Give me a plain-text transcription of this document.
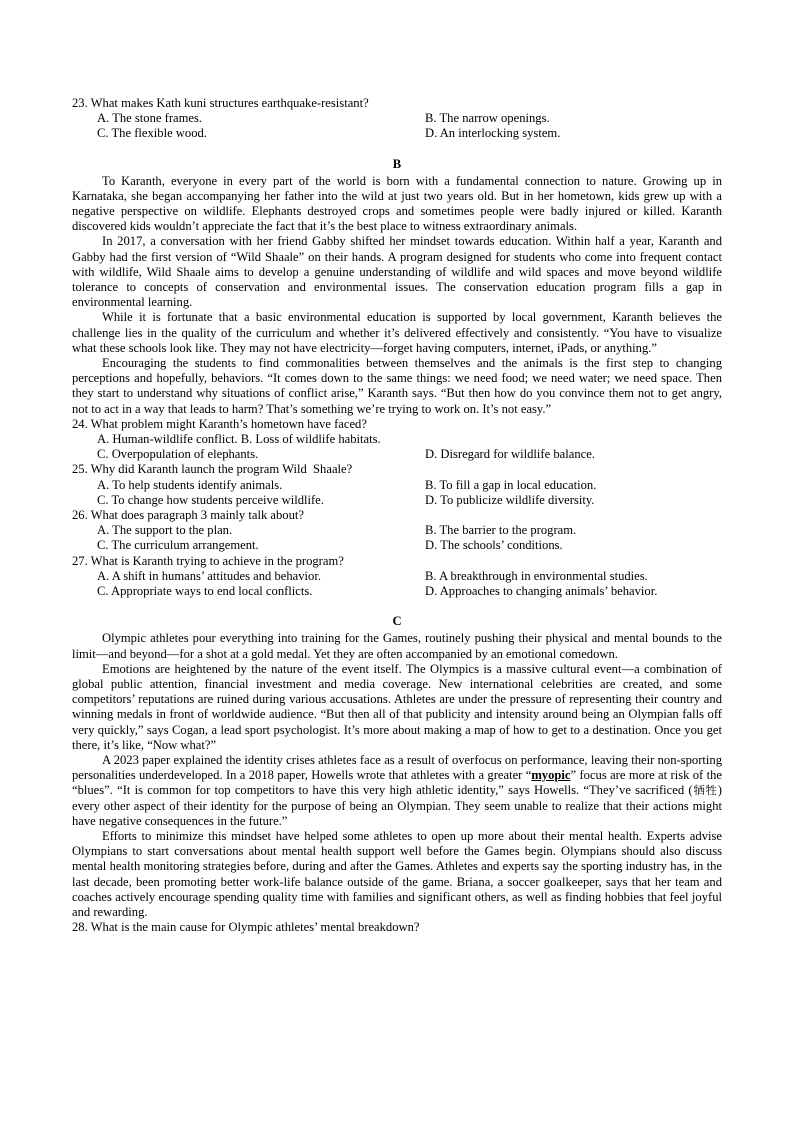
23. What makes Kath kuni structures earthquake-resistant?
A. The stone frames.	B. The narrow openings.
C. The flexible wood.	D. An interlocking system.
B
To Karanth, everyone in every part of the world is born with a fundamental connection to nature. Growing up in Karnataka, she began accompanying her father into the wild at just two years old. But in her hometown, kids grew up with a negative perspective on wildlife. Elephants destroyed crops and sometimes people were badly injured or killed. Karanth discovered kids wouldn’t appreciate the fact that it’s the best place to witness extraordinary animals.
In 2017, a conversation with her friend Gabby shifted her mindset towards education. Within half a year, Karanth and Gabby had the first version of “Wild Shaale” on their hands. A program designed for students who come into frequent contact with wildlife, Wild Shaale aims to develop a genuine understanding of wildlife and wild spaces and move beyond wildlife tolerance to concepts of conservation and environmental issues. The conservation education program fills a gap in environmental learning.
While it is fortunate that a basic environmental education is supported by local government, Karanth believes the challenge lies in the quality of the curriculum and whether it’s delivered effectively and consistently. “You have to visualize what these schools look like. They may not have electricity—forget having computers, internet, iPads, or anything.”
Encouraging the students to find commonalities between themselves and the animals is the first step to changing perceptions and hopefully, behaviors. “It comes down to the same things: we need food; we need water; we need space. Then they start to understand why situations of conflict arise,” Karanth says. “But then how do you convince them not to get angry, not to act in a way that leads to harm? That’s something we’re trying to work on. It’s not easy.”
24. What problem might Karanth’s hometown have faced?
A. Human-wildlife conflict. B. Loss of wildlife habitats.
C. Overpopulation of elephants.	D. Disregard for wildlife balance.
25. Why did Karanth launch the program Wild  Shaale?
A. To help students identify animals.	B. To fill a gap in local education.
C. To change how students perceive wildlife.	D. To publicize wildlife diversity.
26. What does paragraph 3 mainly talk about?
A. The support to the plan.	B. The barrier to the program.
C. The curriculum arrangement.	D. The schools’ conditions.
27. What is Karanth trying to achieve in the program?
A. A shift in humans’ attitudes and behavior.	B. A breakthrough in environmental studies.
C. Appropriate ways to end local conflicts.	D. Approaches to changing animals’ behavior.
C
Olympic athletes pour everything into training for the Games, routinely pushing their physical and mental bounds to the limit—and beyond—for a shot at a gold medal. Yet they are often accompanied by an emotional comedown.
Emotions are heightened by the nature of the event itself. The Olympics is a massive cultural event—a combination of global public attention, financial investment and media coverage. New international celebrities are created, and some competitors’ reputations are ruined during various accusations. Athletes are under the pressure of representing their country and winning medals in front of worldwide audience. “But then all of that publicity and intensity around being an Olympian falls off very quickly,” says Cogan, a lead sport psychologist. It’s more about making a map of how to get to a destination. Once you get there, it’s like, “Now what?”
A 2023 paper explained the identity crises athletes face as a result of overfocus on performance, leaving their non-sporting personalities underdeveloped. In a 2018 paper, Howells wrote that athletes with a greater “myopic” focus are more at risk of the “blues”. “It is common for top competitors to have this very high athletic identity,” says Howells. “They’ve sacrificed (牺牲) every other aspect of their identity for the purpose of being an Olympian. They seem unable to realize that their actions might have negative consequences in the future.”
Efforts to minimize this mindset have helped some athletes to open up more about their mental health. Experts advise Olympians to start conversations about mental health support well before the Games begin. Olympians should also discuss mental health monitoring strategies before, during and after the Games. Athletes and experts say the sporting industry has, in the last decade, been promoting better work-life balance outside of the game. Briana, a soccer goalkeeper, says that her team and coaches actively encourage spending quality time with families and significant others, as well as finding hobbies that feel joyful and rewarding.
28. What is the main cause for Olympic athletes’ mental breakdown?
